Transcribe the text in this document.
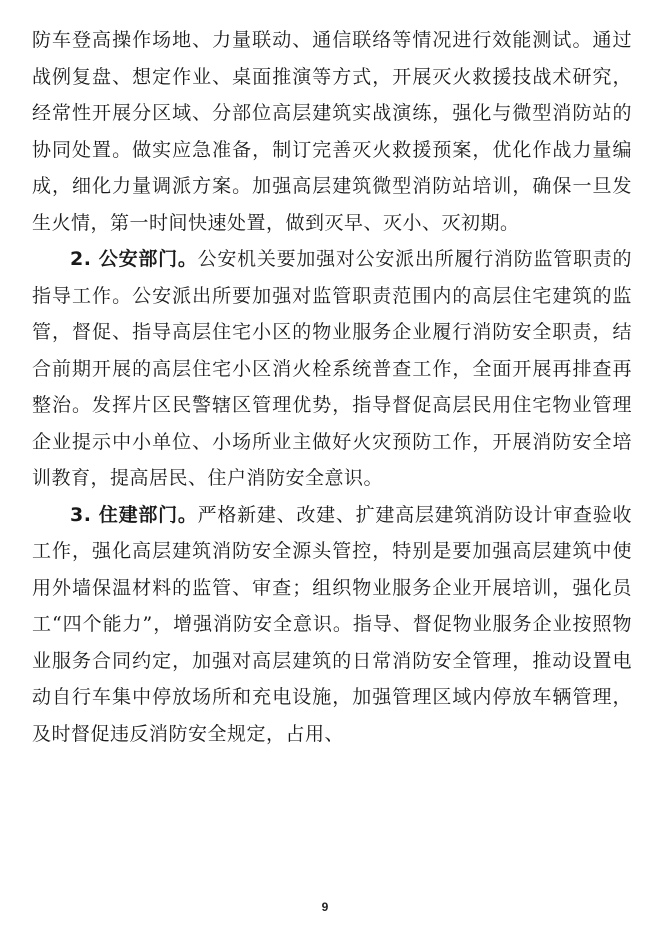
防车登高操作场地、力量联动、通信联络等情况进行效能测试。通过战例复盘、想定作业、桌面推演等方式，开展灭火救援技战术研究，经常性开展分区域、分部位高层建筑实战演练，强化与微型消防站的协同处置。做实应急准备，制订完善灭火救援预案，优化作战力量编成，细化力量调派方案。加强高层建筑微型消防站培训，确保一旦发生火情，第一时间快速处置，做到灭早、灭小、灭初期。

2. 公安部门。公安机关要加强对公安派出所履行消防监管职责的指导工作。公安派出所要加强对监管职责范围内的高层住宅建筑的监管，督促、指导高层住宅小区的物业服务企业履行消防安全职责，结合前期开展的高层住宅小区消火栓系统普查工作，全面开展再排查再整治。发挥片区民警辖区管理优势，指导督促高层民用住宅物业管理企业提示中小单位、小场所业主做好火灾预防工作，开展消防安全培训教育，提高居民、住户消防安全意识。

3. 住建部门。严格新建、改建、扩建高层建筑消防设计审查验收工作，强化高层建筑消防安全源头管控，特别是要加强高层建筑中使用外墙保温材料的监管、审查；组织物业服务企业开展培训，强化员工“四个能力”，增强消防安全意识。指导、督促物业服务企业按照物业服务合同约定，加强对高层建筑的日常消防安全管理，推动设置电动自行车集中停放场所和充电设施，加强管理区域内停放车辆管理，及时督促违反消防安全规定，占用、

9
